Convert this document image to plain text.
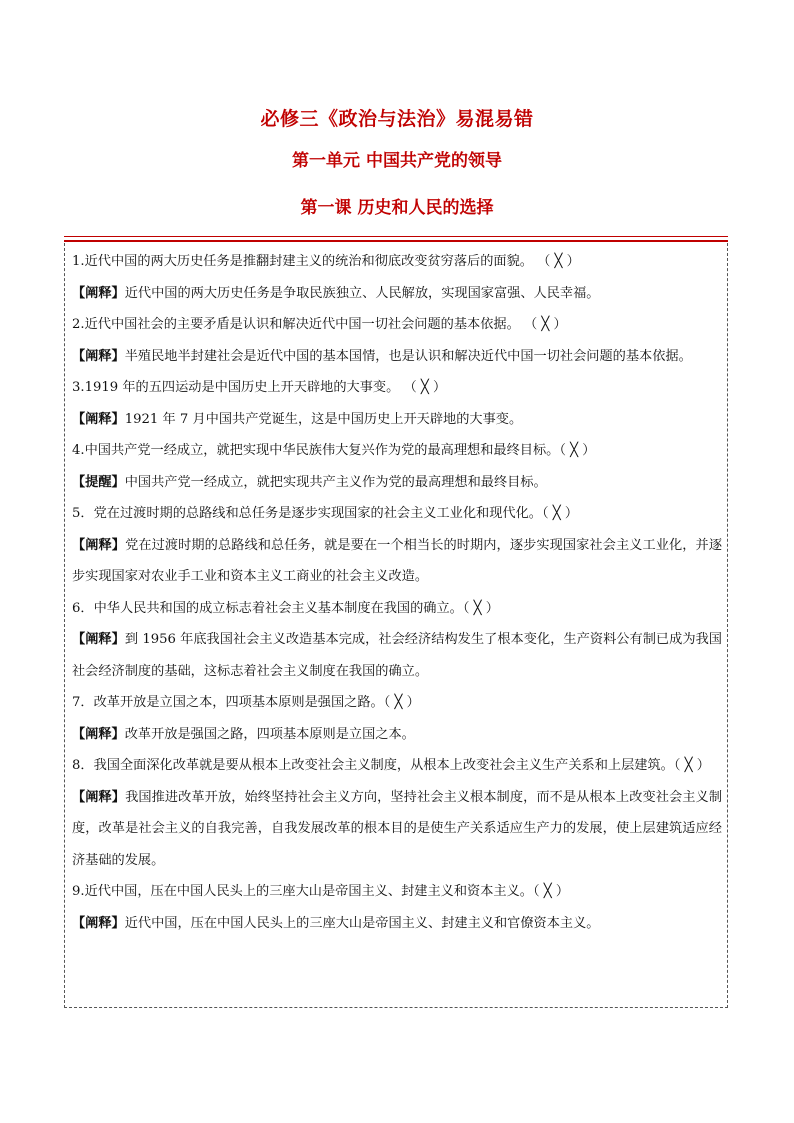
必修三《政治与法治》易混易错
第一单元 中国共产党的领导
第一课 历史和人民的选择
1.近代中国的两大历史任务是推翻封建主义的统治和彻底改变贫穷落后的面貌。 （ ╳ ）
【阐释】近代中国的两大历史任务是争取民族独立、人民解放，实现国家富强、人民幸福。
2.近代中国社会的主要矛盾是认识和解决近代中国一切社会问题的基本依据。 （ ╳ ）
【阐释】半殖民地半封建社会是近代中国的基本国情，也是认识和解决近代中国一切社会问题的基本依据。
3.1919 年的五四运动是中国历史上开天辟地的大事变。 （ ╳ ）
【阐释】1921 年 7 月中国共产党诞生，这是中国历史上开天辟地的大事变。
4.中国共产党一经成立，就把实现中华民族伟大复兴作为党的最高理想和最终目标。（ ╳ ）
【提醒】中国共产党一经成立，就把实现共产主义作为党的最高理想和最终目标。
5．党在过渡时期的总路线和总任务是逐步实现国家的社会主义工业化和现代化。（ ╳ ）
【阐释】党在过渡时期的总路线和总任务，就是要在一个相当长的时期内，逐步实现国家社会主义工业化，并逐步实现国家对农业手工业和资本主义工商业的社会主义改造。
6．中华人民共和国的成立标志着社会主义基本制度在我国的确立。（ ╳ ）
【阐释】到 1956 年底我国社会主义改造基本完成，社会经济结构发生了根本变化，生产资料公有制已成为我国社会经济制度的基础，这标志着社会主义制度在我国的确立。
7．改革开放是立国之本，四项基本原则是强国之路。（ ╳ ）
【阐释】改革开放是强国之路，四项基本原则是立国之本。
8．我国全面深化改革就是要从根本上改变社会主义制度，从根本上改变社会主义生产关系和上层建筑。（ ╳ ）
【阐释】我国推进改革开放，始终坚持社会主义方向，坚持社会主义根本制度，而不是从根本上改变社会主义制度，改革是社会主义的自我完善，自我发展改革的根本目的是使生产关系适应生产力的发展，使上层建筑适应经济基础的发展。
9.近代中国，压在中国人民头上的三座大山是帝国主义、封建主义和资本主义。（ ╳ ）
【阐释】近代中国，压在中国人民头上的三座大山是帝国主义、封建主义和官僚资本主义。
